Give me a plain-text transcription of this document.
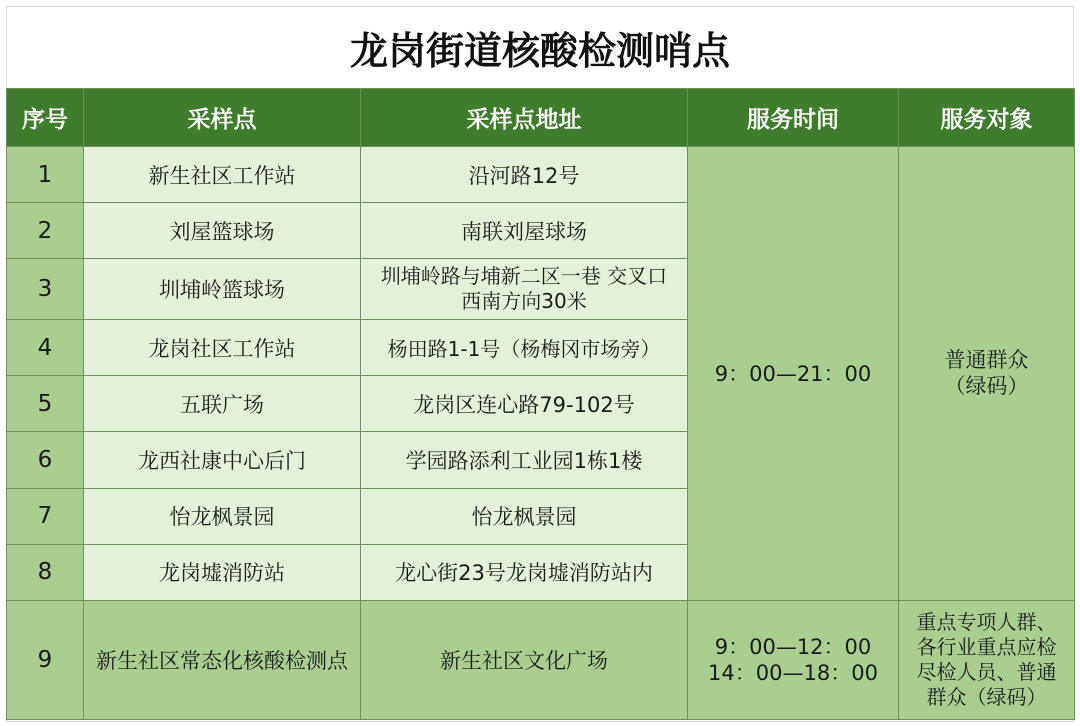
龙岗街道核酸检测哨点
序号	采样点	采样点地址	服务时间	服务对象
1	新生社区工作站	沿河路12号	9：00—21：00	普通群众
（绿码）

2	刘屋篮球场	南联刘屋球场		
3	圳埔岭篮球场	圳埔岭路与埔新二区一巷 交叉口
西南方向30米		

4	龙岗社区工作站	杨田路1-1号（杨梅冈市场旁）		
5	五联广场	龙岗区连心路79-102号		
6	龙西社康中心后门	学园路添利工业园1栋1楼		
7	怡龙枫景园	怡龙枫景园		
8	龙岗墟消防站	龙心街23号龙岗墟消防站内		
9	新生社区常态化核酸检测点	新生社区文化广场	9：00—12：00
14：00—18：00	重点专项人群、
各行业重点应检
尽检人员、普通
群众（绿码）
